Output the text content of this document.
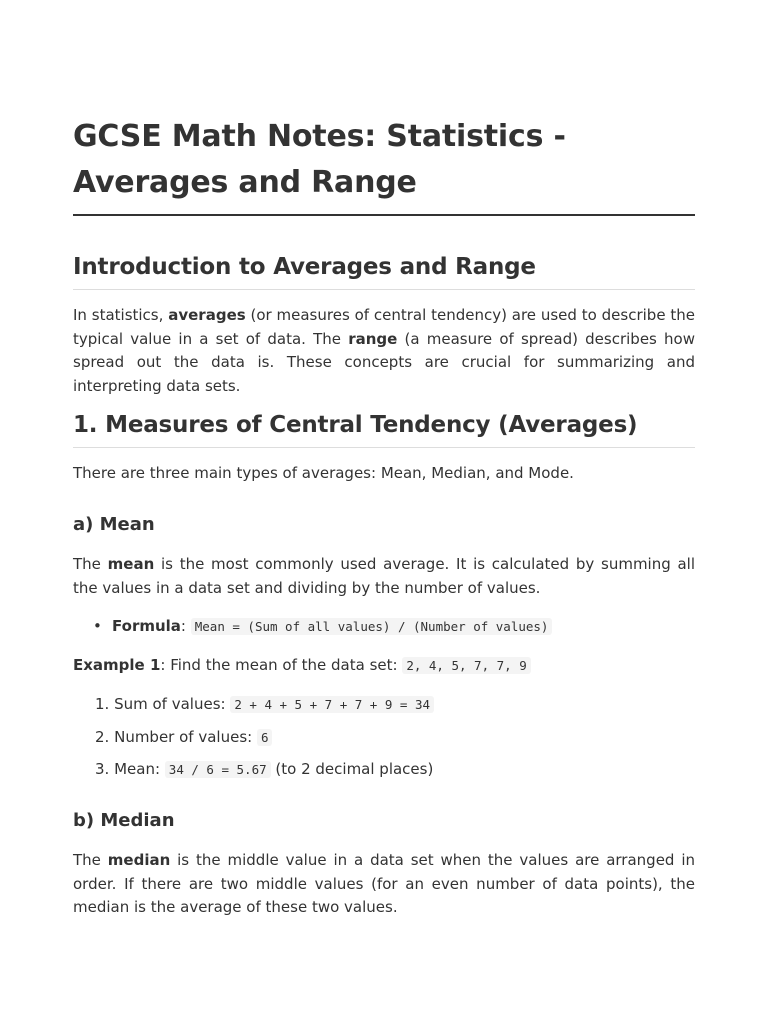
GCSE Math Notes: Statistics - Averages and Range
Introduction to Averages and Range

In statistics, averages (or measures of central tendency) are used to describe the typical value in a set of data. The range (a measure of spread) describes how spread out the data is. These concepts are crucial for summarizing and interpreting data sets.

1. Measures of Central Tendency (Averages)

There are three main types of averages: Mean, Median, and Mode.

a) Mean

The mean is the most commonly used average. It is calculated by summing all the values in a data set and dividing by the number of values.

• Formula: Mean = (Sum of all values) / (Number of values)

Example 1: Find the mean of the data set: 2, 4, 5, 7, 7, 9

1. Sum of values: 2 + 4 + 5 + 7 + 7 + 9 = 34

2. Number of values: 6

3. Mean: 34 / 6 = 5.67 (to 2 decimal places)

b) Median

The median is the middle value in a data set when the values are arranged in order. If there are two middle values (for an even number of data points), the median is the average of these two values.
